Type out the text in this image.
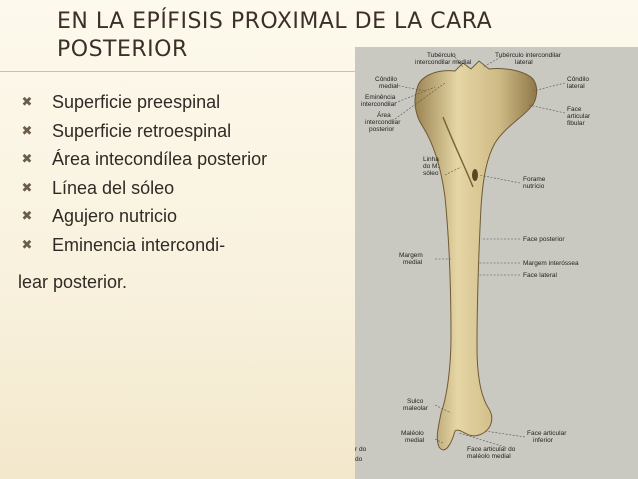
EN LA EPÍFISIS PROXIMAL DE LA CARA
POSTERIOR
✖ Superficie preespinal
✖ Superficie retroespinal
✖ Área intecondílea posterior
✖ Línea del sóleo
✖ Agujero nutricio
✖ Eminencia intercondi-
lear posterior.
Tubérculo intercondilar medial
Tubérculo intercondilar lateral
Côndilo medial
Côndilo lateral
Eminência intercondilar
Área intercondilar posterior
Face articular fibular
Linha do M. sóleo
Forame nutrício
Face posterior
Margem medial	Margem interóssea
Face lateral
Sulco maleolar
Maléolo medial
Face articular inferior
Face articular do maléolo medial
r do do
